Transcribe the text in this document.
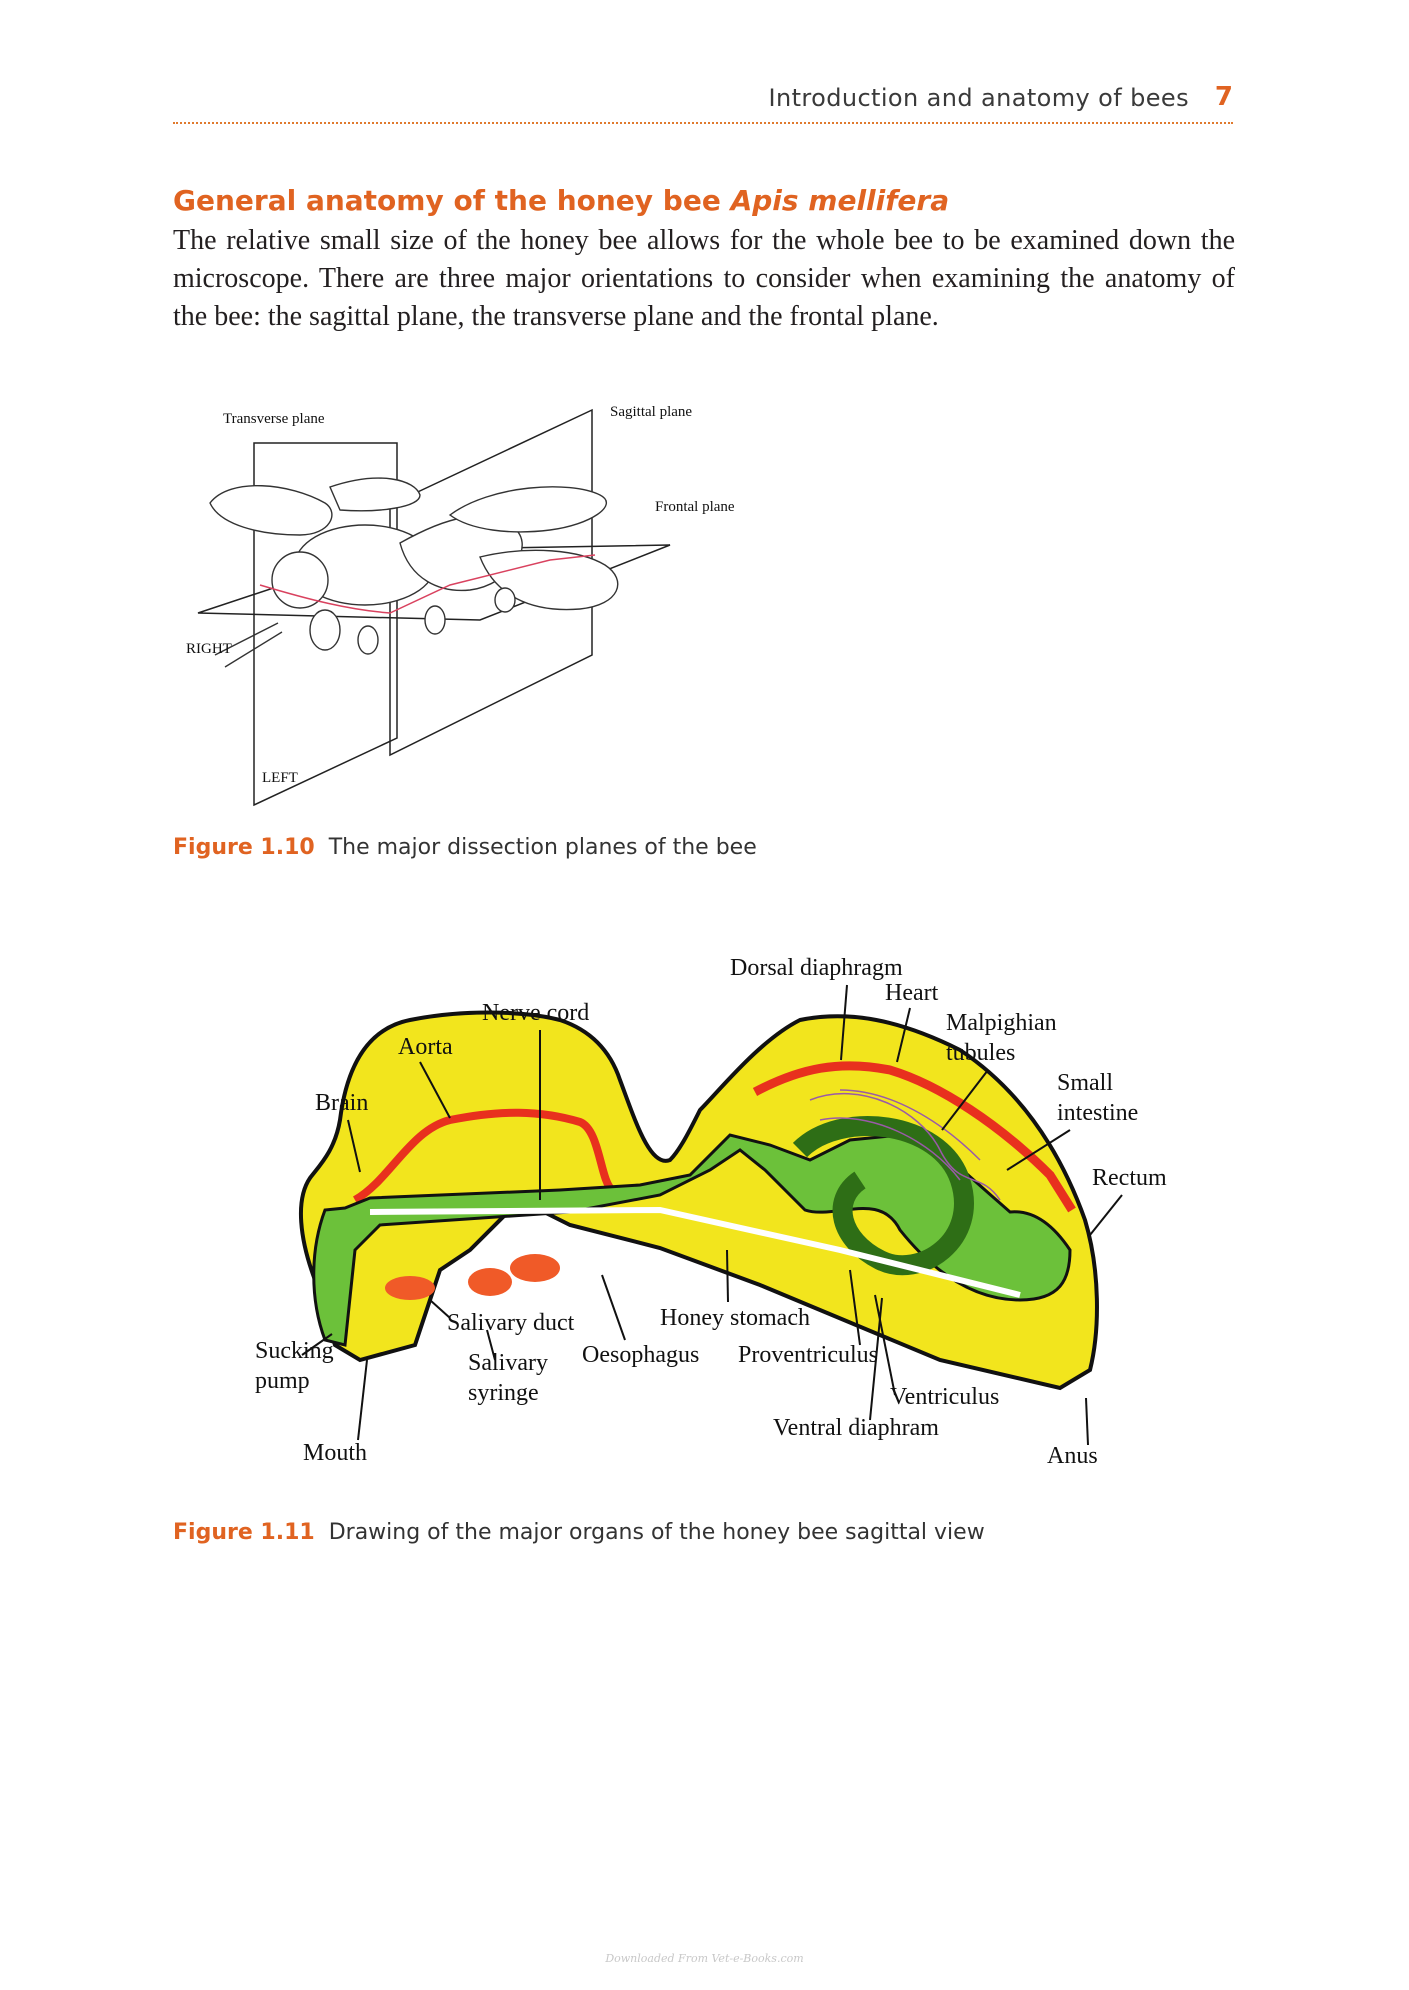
Introduction and anatomy of bees 7
General anatomy of the honey bee Apis mellifera
The relative small size of the honey bee allows for the whole bee to be examined down the microscope. There are three major orientations to consider when examining the anatomy of the bee: the sagittal plane, the transverse plane and the frontal plane.
Transverse plane	Sagittal plane
Frontal plane
RIGHT
LEFT
Figure 1.10 The major dissection planes of the bee
Dorsal diaphragm
Heart
Malpighian
tubules
Nerve cord
Aorta
Brain
Small
intestine
Rectum
Salivary duct	Honey stomach
Sucking
pump
Oesophagus Proventriculus
Salivary
syringe	Ventriculus
Ventral diaphram
Mouth	Anus
Figure 1.11 Drawing of the major organs of the honey bee sagittal view
Downloaded From Vet-e-Books.com
